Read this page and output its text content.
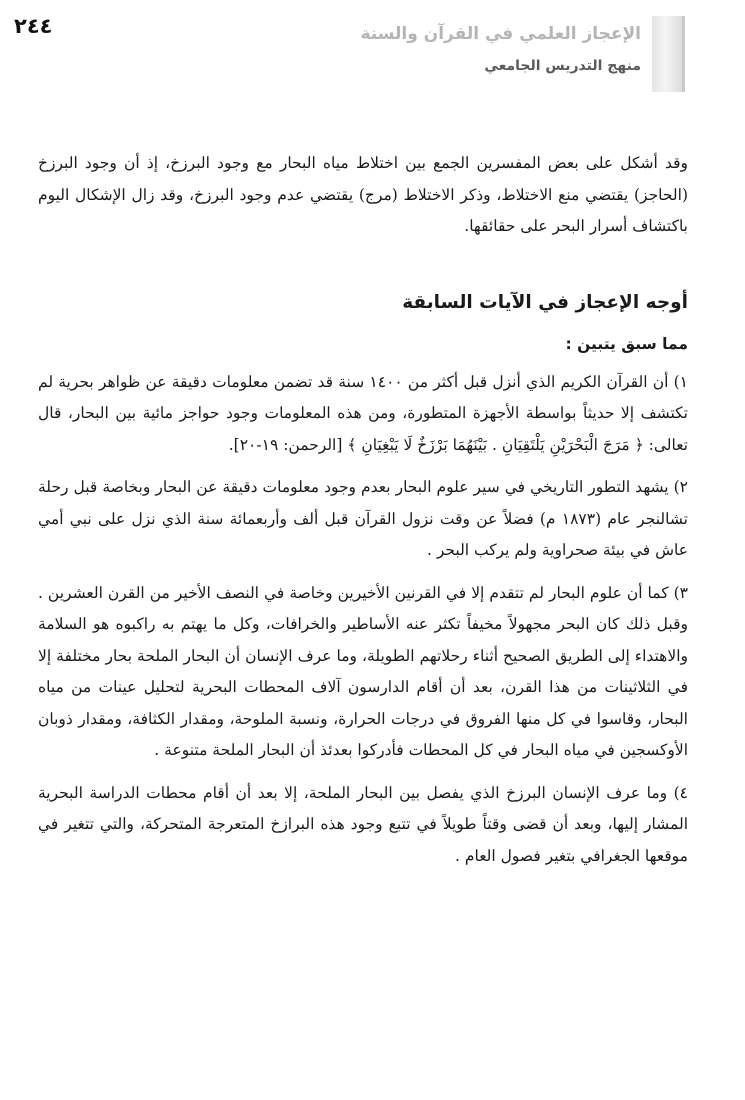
٢٤٤	الإعجاز العلمي في القرآن والسنة
منهج التدريس الجامعي

وقد أشكل على بعض المفسرين الجمع بين اختلاط مياه البحار مع وجود البرزخ، إذ أن وجود البرزخ (الحاجز) يقتضي منع الاختلاط، وذكر الاختلاط (مرج) يقتضي عدم وجود البرزخ، وقد زال الإشكال اليوم باكتشاف أسرار البحر على حقائقها.

أوجه الإعجاز في الآيات السابقة

مما سبق يتبين :

١) أن القرآن الكريم الذي أنزل قبل أكثر من ١٤٠٠ سنة قد تضمن معلومات دقيقة عن ظواهر بحرية لم تكتشف إلا حديثاً بواسطة الأجهزة المتطورة، ومن هذه المعلومات وجود حواجز مائية بين البحار، قال تعالى: ﴿ مَرَجَ الْبَحْرَيْنِ يَلْتَقِيَانِ . بَيْنَهُمَا بَرْزَخٌ لَا يَبْغِيَانِ ﴾ [الرحمن: ١٩-٢٠].

٢) يشهد التطور التاريخي في سير علوم البحار بعدم وجود معلومات دقيقة عن البحار وبخاصة قبل رحلة تشالنجر عام (١٨٧٣ م) فضلاً عن وقت نزول القرآن قبل ألف وأربعمائة سنة الذي نزل على نبي أمي عاش في بيئة صحراوية ولم يركب البحر .

٣) كما أن علوم البحار لم تتقدم إلا في القرنين الأخيرين وخاصة في النصف الأخير من القرن العشرين . وقبل ذلك كان البحر مجهولاً مخيفاً تكثر عنه الأساطير والخرافات، وكل ما يهتم به راكبوه هو السلامة والاهتداء إلى الطريق الصحيح أثناء رحلاتهم الطويلة، وما عرف الإنسان أن البحار الملحة بحار مختلفة إلا في الثلاثينات من هذا القرن، بعد أن أقام الدارسون آلاف المحطات البحرية لتحليل عينات من مياه البحار، وقاسوا في كل منها الفروق في درجات الحرارة، ونسبة الملوحة، ومقدار الكثافة، ومقدار ذوبان الأوكسجين في مياه البحار في كل المحطات فأدركوا بعدئذ أن البحار الملحة متنوعة .

٤) وما عرف الإنسان البرزخ الذي يفصل بين البحار الملحة، إلا بعد أن أقام محطات الدراسة البحرية المشار إليها، وبعد أن قضى وقتاً طويلاً في تتبع وجود هذه البرازخ المتعرجة المتحركة، والتي تتغير في موقعها الجغرافي بتغير فصول العام .
